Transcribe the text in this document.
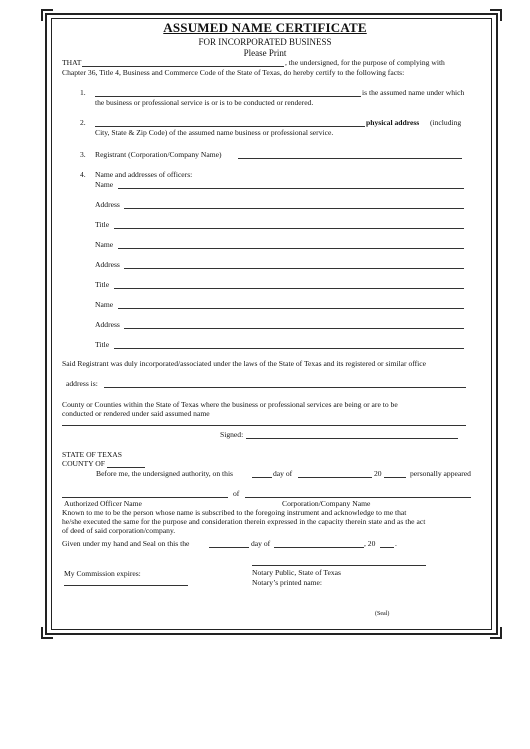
ASSUMED NAME CERTIFICATE
FOR INCORPORATED BUSINESS
Please Print
THAT	, the undersigned, for the purpose of complying with
Chapter 36, Title 4, Business and Commerce Code of the State of Texas, do hereby certify to the following facts:
1.	is the assumed name under which
the business or professional service is or is to be conducted or rendered.
2.	physical address (including
City, State & Zip Code) of the assumed name business or professional service.
3. Registrant (Corporation/Company Name)
4. Name and addresses of officers:
Name
Address
Title
Name
Address
Title
Name
Address
Title
Said Registrant was duly incorporated/associated under the laws of the State of Texas and its registered or similar office
address is:
County or Counties within the State of Texas where the business or professional services are being or are to be
conducted or rendered under said assumed name
Signed:
STATE OF TEXAS
COUNTY OF
Before me, the undersigned authority, on this	day of	20	personally appeared
of
Authorized Officer Name	Corporation/Company Name
Known to me to be the person whose name is subscribed to the foregoing instrument and acknowledge to me that
he/she executed the same for the purpose and consideration therein expressed in the capacity therein state and as the act
of deed of said corporation/company.
Given under my hand and Seal on this the	day of	, 20	.
Notary Public, State of Texas
My Commission expires:
Notary’s printed name:
(Seal)
